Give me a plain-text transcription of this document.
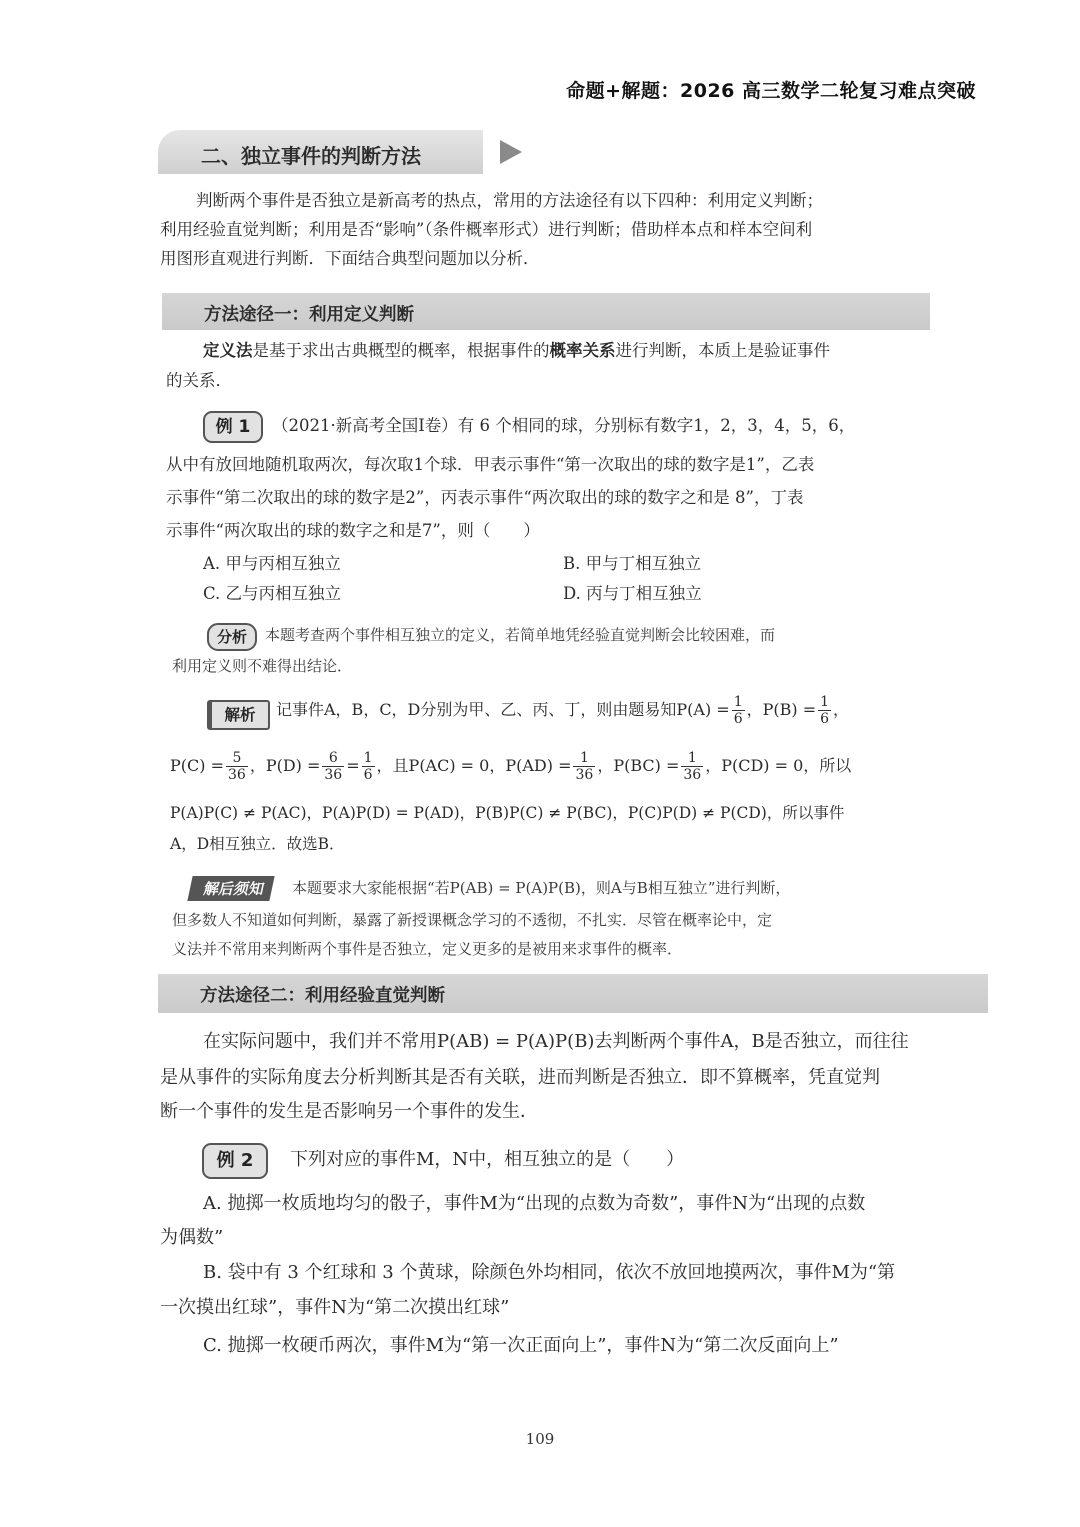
命题+解题：2026 高三数学二轮复习难点突破
二、独立事件的判断方法
判断两个事件是否独立是新高考的热点，常用的方法途径有以下四种：利用定义判断；
利用经验直觉判断；利用是否“影响”（条件概率形式）进行判断；借助样本点和样本空间利
用图形直观进行判断．下面结合典型问题加以分析．
方法途径一：利用定义判断
定义法是基于求出古典概型的概率，根据事件的概率关系进行判断，本质上是验证事件
的关系．
例 1	（2021·新高考全国Ⅰ卷）有 6 个相同的球，分别标有数字1，2，3，4，5，6，
从中有放回地随机取两次，每次取1个球．甲表示事件“第一次取出的球的数字是1”，乙表
示事件“第二次取出的球的数字是2”，丙表示事件“两次取出的球的数字之和是 8”，丁表
示事件“两次取出的球的数字之和是7”，则（　　）
A. 甲与丙相互独立	B. 甲与丁相互独立
C. 乙与丙相互独立	D. 丙与丁相互独立
分析	本题考查两个事件相互独立的定义，若简单地凭经验直觉判断会比较困难，而
利用定义则不难得出结论．
解析	记事件A，B，C，D分别为甲、乙、丙、丁，则由题易知$P(A) = \frac{1}{6}$ ，$P(B) = \frac{1}{6}$ ，
$P(C) = \frac{5}{36}$ ，$P(D) = \frac{6}{36} = \frac{1}{6}$ ，且P(AC) = 0，$P(AD) = \frac{1}{36}$ ，$P(BC) = \frac{1}{36}$ ，P(CD) = 0，所以
P(A)P(C) ≠ P(AC)，P(A)P(D) = P(AD)，P(B)P(C) ≠ P(BC)，P(C)P(D) ≠ P(CD)，所以事件
A，D相互独立．故选B．
解后须知	本题要求大家能根据“若P(AB) = P(A)P(B)，则A与B相互独立”进行判断，
但多数人不知道如何判断，暴露了新授课概念学习的不透彻，不扎实．尽管在概率论中，定
义法并不常用来判断两个事件是否独立，定义更多的是被用来求事件的概率．
方法途径二：利用经验直觉判断
在实际问题中，我们并不常用P(AB) = P(A)P(B)去判断两个事件A，B是否独立，而往往
是从事件的实际角度去分析判断其是否有关联，进而判断是否独立．即不算概率，凭直觉判
断一个事件的发生是否影响另一个事件的发生．
例 2	下列对应的事件M，N中，相互独立的是（　　）
A. 抛掷一枚质地均匀的骰子，事件M为“出现的点数为奇数”，事件N为“出现的点数
为偶数”
B. 袋中有 3 个红球和 3 个黄球，除颜色外均相同，依次不放回地摸两次，事件M为“第
一次摸出红球”，事件N为“第二次摸出红球”
C. 抛掷一枚硬币两次，事件M为“第一次正面向上”，事件N为“第二次反面向上”
109
